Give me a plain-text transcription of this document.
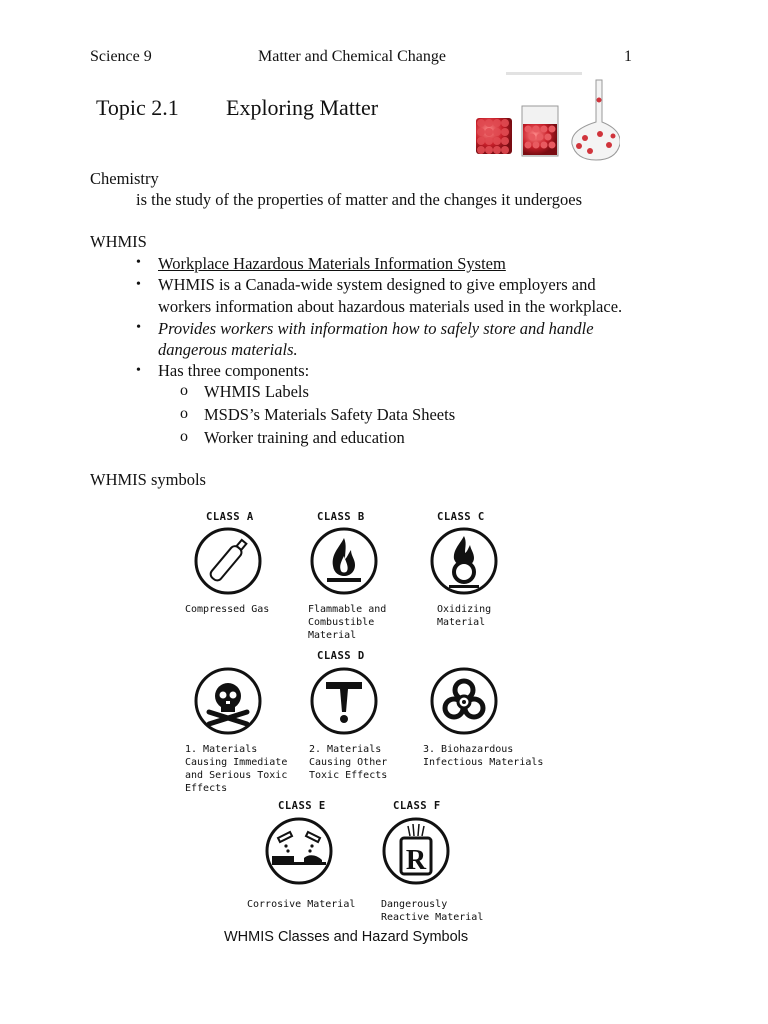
Science 9	Matter and Chemical Change	1
Topic 2.1 Exploring Matter
Chemistry
is the study of the properties of matter and the changes it undergoes
WHMIS
• Workplace Hazardous Materials Information System
• WHMIS is a Canada-wide system designed to give employers and
workers information about hazardous materials used in the workplace.
• Provides workers with information how to safely store and handle
dangerous materials.
• Has three components:
o WHMIS Labels
o MSDS’s Materials Safety Data Sheets
o Worker training and education
WHMIS symbols
CLASS A	CLASS B	CLASS C
CLASS D
CLASS E	CLASS F
Compressed Gas	Flammable and
Combustible
Material
Oxidizing
Material
1. Materials
Causing Immediate
and Serious Toxic
Effects
2. Materials
Causing Other
Toxic Effects
3. Biohazardous
Infectious Materials
R
Corrosive Material	Dangerously
Reactive Material
WHMIS Classes and Hazard Symbols
